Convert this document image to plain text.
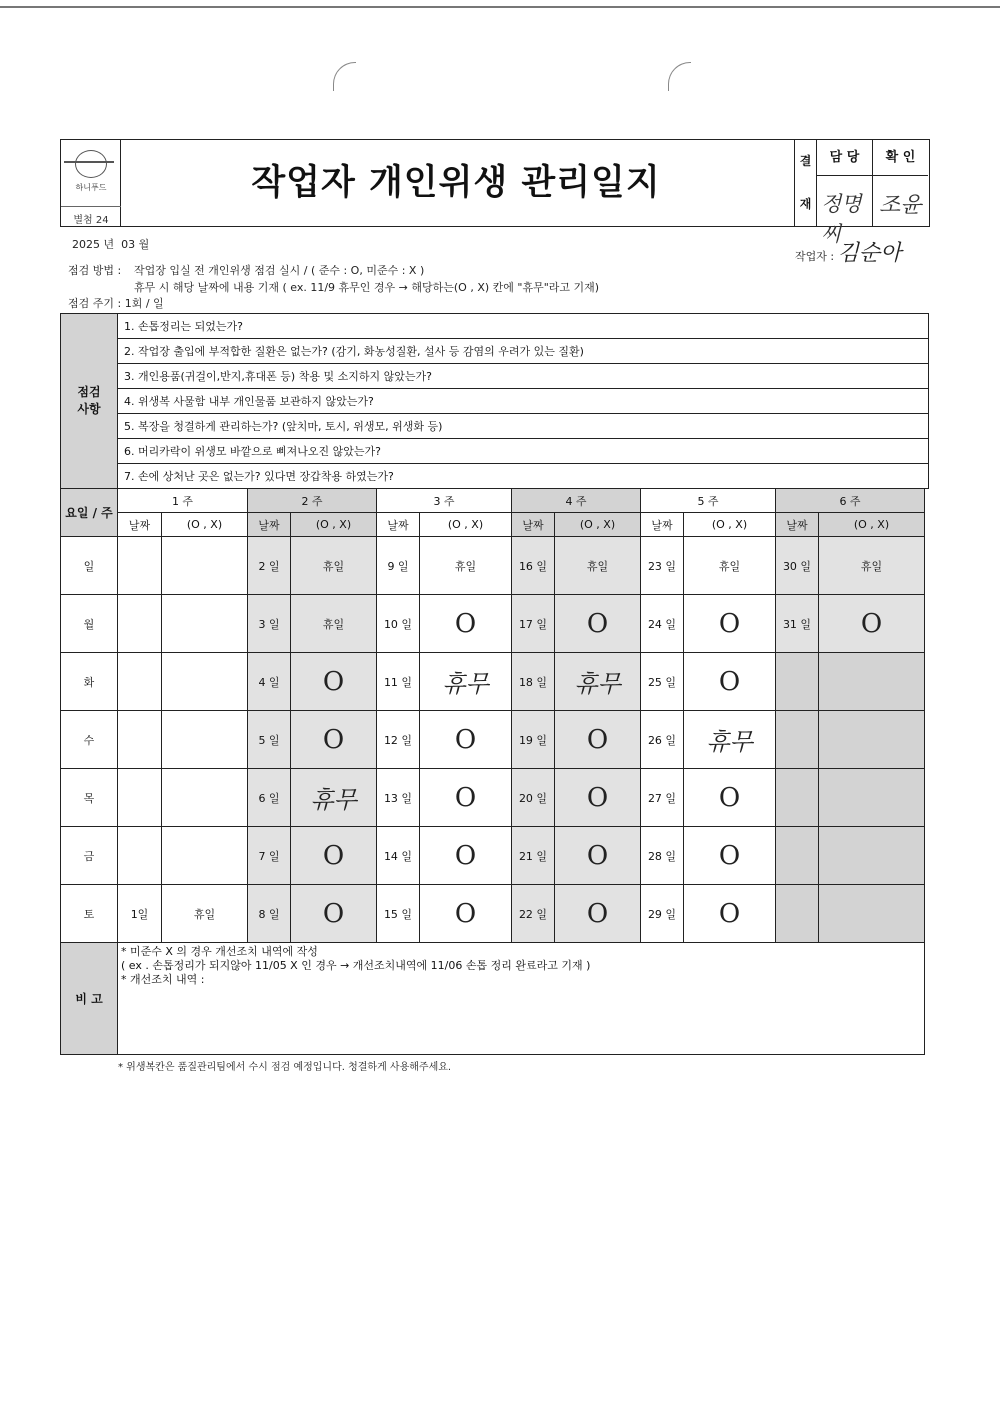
하니푸드
별첨 24
작업자 개인위생 관리일지
결
재
담 당	확 인
정명씨
조윤
2025 년 03 월
작업자 : 김순아
점검 방법 : 작업장 입실 전 개인위생 점검 실시 / ( 준수 : O, 미준수 : X )
휴무 시 해당 날짜에 내용 기재 ( ex. 11/9 휴무인 경우 → 해당하는(O , X) 칸에 "휴무"라고 기재)
점검 주기 : 1회 / 일
점검
사항
	1. 손톱정리는 되었는가?
2. 작업장 출입에 부적합한 질환은 없는가? (감기, 화농성질환, 설사 등 감염의 우려가 있는 질환)
3. 개인용품(귀걸이,반지,휴대폰 등) 착용 및 소지하지 않았는가?
4. 위생복 사물함 내부 개인물품 보관하지 않았는가?
5. 복장을 청결하게 관리하는가? (앞치마, 토시, 위생모, 위생화 등)
6. 머리카락이 위생모 바깥으로 삐져나오진 않았는가?
7. 손에 상처난 곳은 없는가? 있다면 장갑착용 하였는가?
요일 / 주	1 주		2 주		3 주		4 주		5 주		6 주	
	날짜	(O , X)	날짜	(O , X)	날짜	(O , X)	날짜	(O , X)	날짜	(O , X)	날짜	(O , X)
일			2 일	휴일	9 일	휴일	16 일	휴일	23 일	휴일	30 일	휴일
월			3 일	휴일	10 일	O	17 일	O	24 일	O	31 일	O
화			4 일	O	11 일	휴무	18 일	휴무	25 일	O		
수			5 일	O	12 일	O	19 일	O	26 일	휴무		
목			6 일	휴무	13 일	O	20 일	O	27 일	O		
금			7 일	O	14 일	O	21 일	O	28 일	O		
토	1일	휴일	8 일	O	15 일	O	22 일	O	29 일	O		
비 고	* 미준수 X 의 경우 개선조치 내역에 작성
( ex . 손톱정리가 되지않아 11/05 X 인 경우 → 개선조치내역에 11/06 손톱 정리 완료라고 기재 )
* 개선조치 내역 :											
* 위생복칸은 품질관리팀에서 수시 점검 예정입니다. 청결하게 사용해주세요.
